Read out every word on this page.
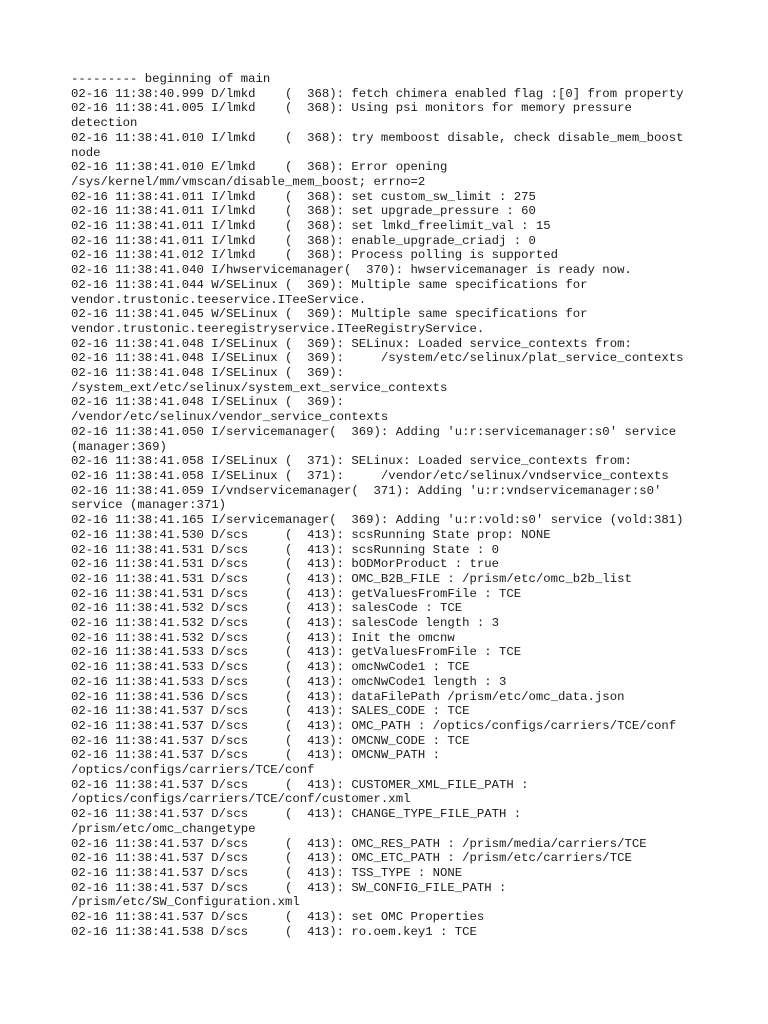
--------- beginning of main
02-16 11:38:40.999 D/lmkd    (  368): fetch chimera enabled flag :[0] from property
02-16 11:38:41.005 I/lmkd    (  368): Using psi monitors for memory pressure
detection
02-16 11:38:41.010 I/lmkd    (  368): try memboost disable, check disable_mem_boost
node
02-16 11:38:41.010 E/lmkd    (  368): Error opening
/sys/kernel/mm/vmscan/disable_mem_boost; errno=2
02-16 11:38:41.011 I/lmkd    (  368): set custom_sw_limit : 275
02-16 11:38:41.011 I/lmkd    (  368): set upgrade_pressure : 60
02-16 11:38:41.011 I/lmkd    (  368): set lmkd_freelimit_val : 15
02-16 11:38:41.011 I/lmkd    (  368): enable_upgrade_criadj : 0
02-16 11:38:41.012 I/lmkd    (  368): Process polling is supported
02-16 11:38:41.040 I/hwservicemanager(  370): hwservicemanager is ready now.
02-16 11:38:41.044 W/SELinux (  369): Multiple same specifications for
vendor.trustonic.teeservice.ITeeService.
02-16 11:38:41.045 W/SELinux (  369): Multiple same specifications for
vendor.trustonic.teeregistryservice.ITeeRegistryService.
02-16 11:38:41.048 I/SELinux (  369): SELinux: Loaded service_contexts from:
02-16 11:38:41.048 I/SELinux (  369):     /system/etc/selinux/plat_service_contexts
02-16 11:38:41.048 I/SELinux (  369):
/system_ext/etc/selinux/system_ext_service_contexts
02-16 11:38:41.048 I/SELinux (  369):
/vendor/etc/selinux/vendor_service_contexts
02-16 11:38:41.050 I/servicemanager(  369): Adding 'u:r:servicemanager:s0' service
(manager:369)
02-16 11:38:41.058 I/SELinux (  371): SELinux: Loaded service_contexts from:
02-16 11:38:41.058 I/SELinux (  371):     /vendor/etc/selinux/vndservice_contexts
02-16 11:38:41.059 I/vndservicemanager(  371): Adding 'u:r:vndservicemanager:s0'
service (manager:371)
02-16 11:38:41.165 I/servicemanager(  369): Adding 'u:r:vold:s0' service (vold:381)
02-16 11:38:41.530 D/scs     (  413): scsRunning State prop: NONE
02-16 11:38:41.531 D/scs     (  413): scsRunning State : 0
02-16 11:38:41.531 D/scs     (  413): bODMorProduct : true
02-16 11:38:41.531 D/scs     (  413): OMC_B2B_FILE : /prism/etc/omc_b2b_list
02-16 11:38:41.531 D/scs     (  413): getValuesFromFile : TCE
02-16 11:38:41.532 D/scs     (  413): salesCode : TCE
02-16 11:38:41.532 D/scs     (  413): salesCode length : 3
02-16 11:38:41.532 D/scs     (  413): Init the omcnw
02-16 11:38:41.533 D/scs     (  413): getValuesFromFile : TCE
02-16 11:38:41.533 D/scs     (  413): omcNwCode1 : TCE
02-16 11:38:41.533 D/scs     (  413): omcNwCode1 length : 3
02-16 11:38:41.536 D/scs     (  413): dataFilePath /prism/etc/omc_data.json
02-16 11:38:41.537 D/scs     (  413): SALES_CODE : TCE
02-16 11:38:41.537 D/scs     (  413): OMC_PATH : /optics/configs/carriers/TCE/conf
02-16 11:38:41.537 D/scs     (  413): OMCNW_CODE : TCE
02-16 11:38:41.537 D/scs     (  413): OMCNW_PATH :
/optics/configs/carriers/TCE/conf
02-16 11:38:41.537 D/scs     (  413): CUSTOMER_XML_FILE_PATH :
/optics/configs/carriers/TCE/conf/customer.xml
02-16 11:38:41.537 D/scs     (  413): CHANGE_TYPE_FILE_PATH :
/prism/etc/omc_changetype
02-16 11:38:41.537 D/scs     (  413): OMC_RES_PATH : /prism/media/carriers/TCE
02-16 11:38:41.537 D/scs     (  413): OMC_ETC_PATH : /prism/etc/carriers/TCE
02-16 11:38:41.537 D/scs     (  413): TSS_TYPE : NONE
02-16 11:38:41.537 D/scs     (  413): SW_CONFIG_FILE_PATH :
/prism/etc/SW_Configuration.xml
02-16 11:38:41.537 D/scs     (  413): set OMC Properties
02-16 11:38:41.538 D/scs     (  413): ro.oem.key1 : TCE
